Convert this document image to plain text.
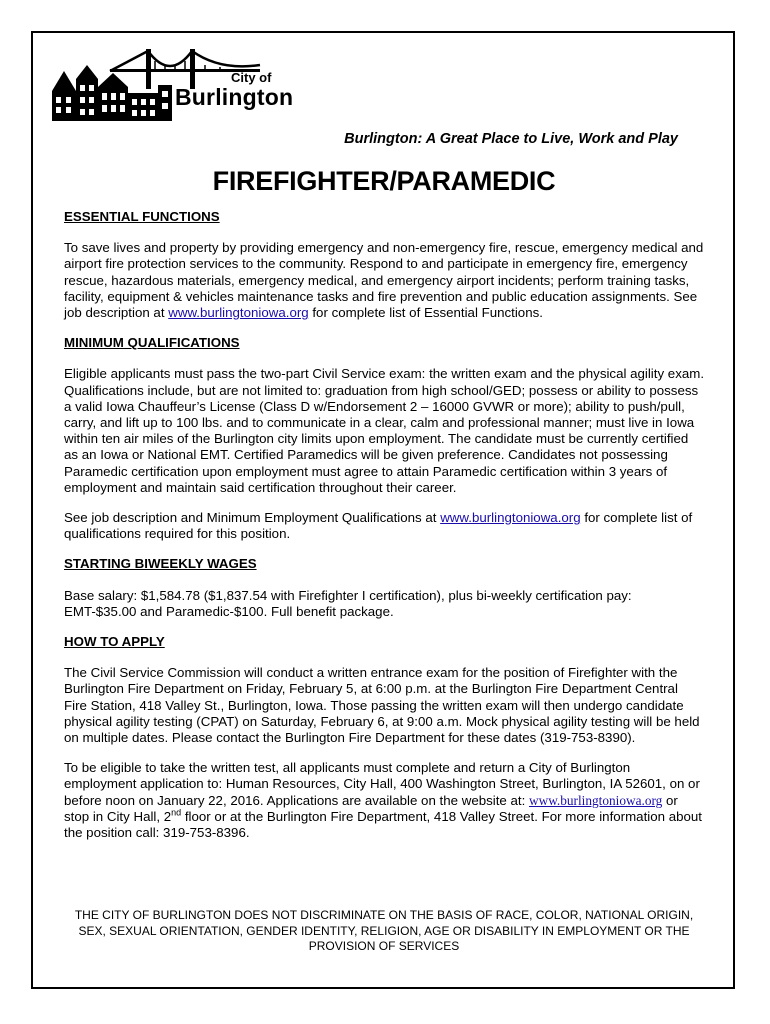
City of
Burlington
Burlington: A Great Place to Live, Work and Play
FIREFIGHTER/PARAMEDIC
ESSENTIAL FUNCTIONS

To save lives and property by providing emergency and non-emergency fire, rescue, emergency medical and airport fire protection services to the community. Respond to and participate in emergency fire, emergency rescue, hazardous materials, emergency medical, and emergency airport incidents; perform training tasks, facility, equipment & vehicles maintenance tasks and fire prevention and public education assignments. See job description at www.burlingtoniowa.org for complete list of Essential Functions.

MINIMUM QUALIFICATIONS

Eligible applicants must pass the two-part Civil Service exam: the written exam and the physical agility exam. Qualifications include, but are not limited to: graduation from high school/GED; possess or ability to possess a valid Iowa Chauffeur’s License (Class D w/Endorsement 2 – 16000 GVWR or more); ability to push/pull, carry, and lift up to 100 lbs. and to communicate in a clear, calm and professional manner; must live in Iowa within ten air miles of the Burlington city limits upon employment. The candidate must be currently certified as an Iowa or National EMT. Certified Paramedics will be given preference. Candidates not possessing Paramedic certification upon employment must agree to attain Paramedic certification within 3 years of employment and maintain said certification throughout their career.

See job description and Minimum Employment Qualifications at www.burlingtoniowa.org for complete list of qualifications required for this position.

STARTING BIWEEKLY WAGES

Base salary: $1,584.78 ($1,837.54 with Firefighter I certification), plus bi-weekly certification pay: EMT-$35.00 and Paramedic-$100. Full benefit package.

HOW TO APPLY

The Civil Service Commission will conduct a written entrance exam for the position of Firefighter with the Burlington Fire Department on Friday, February 5, at 6:00 p.m. at the Burlington Fire Department Central Fire Station, 418 Valley St., Burlington, Iowa. Those passing the written exam will then undergo candidate physical agility testing (CPAT) on Saturday, February 6, at 9:00 a.m. Mock physical agility testing will be held on multiple dates. Please contact the Burlington Fire Department for these dates (319-753-8390).

To be eligible to take the written test, all applicants must complete and return a City of Burlington employment application to: Human Resources, City Hall, 400 Washington Street, Burlington, IA 52601, on or before noon on January 22, 2016. Applications are available on the website at: www.burlingtoniowa.org or stop in City Hall, 2nd floor or at the Burlington Fire Department, 418 Valley Street. For more information about the position call: 319-753-8396.

THE CITY OF BURLINGTON DOES NOT DISCRIMINATE ON THE BASIS OF RACE, COLOR, NATIONAL ORIGIN, SEX, SEXUAL ORIENTATION, GENDER IDENTITY, RELIGION, AGE OR DISABILITY IN EMPLOYMENT OR THE PROVISION OF SERVICES
